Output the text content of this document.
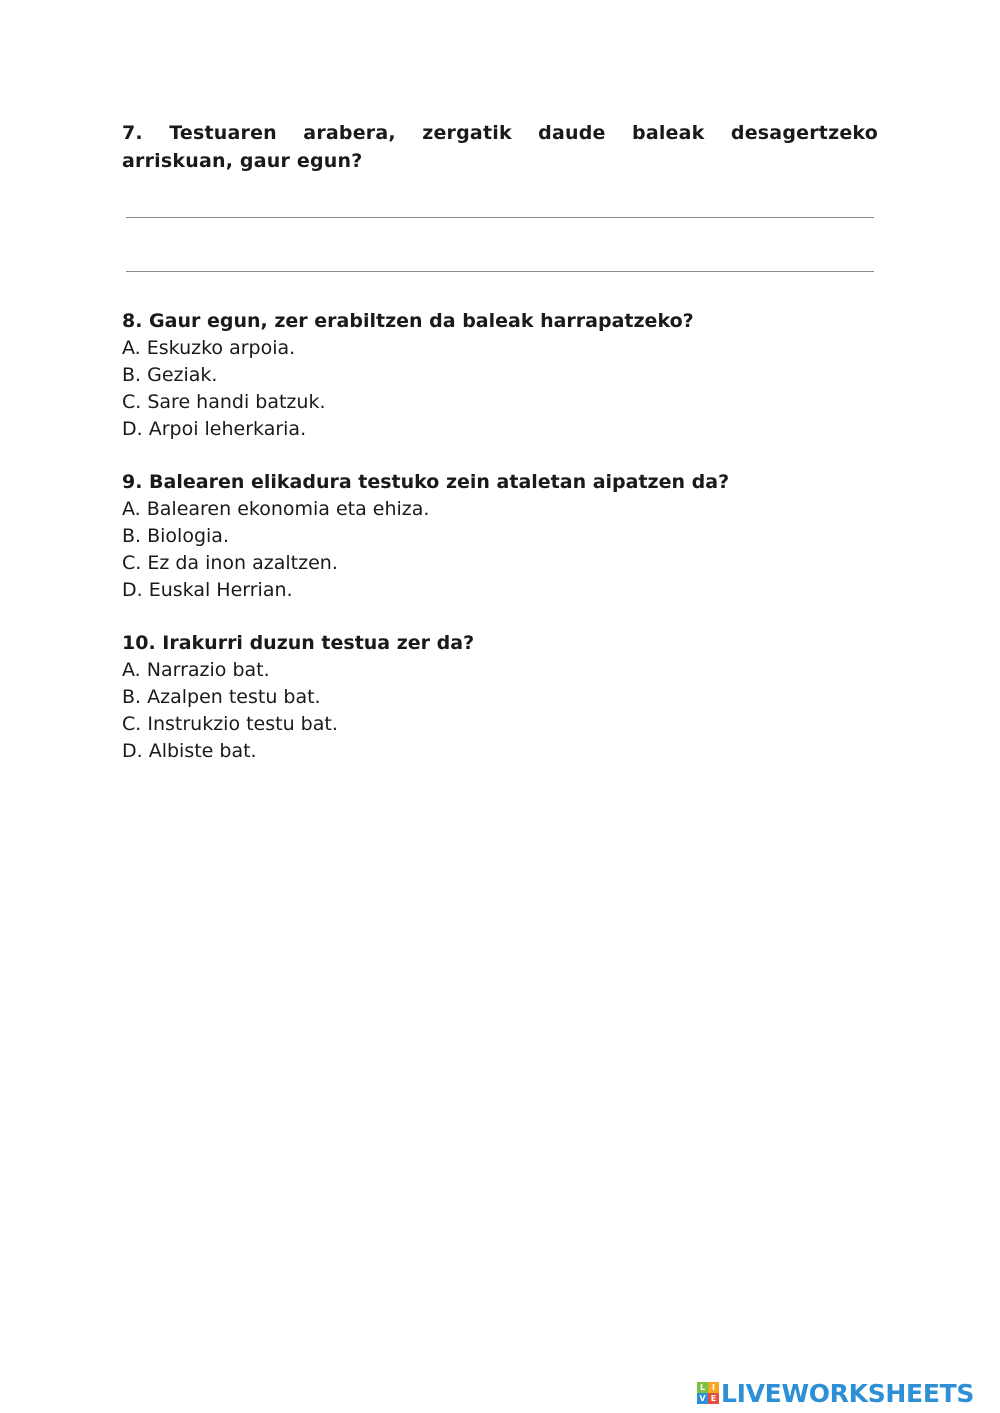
7. Testuaren arabera, zergatik daude baleak desagertzeko arriskuan, gaur egun?
8. Gaur egun, zer erabiltzen da baleak harrapatzeko?
A. Eskuzko arpoia.
B. Geziak.
C. Sare handi batzuk.
D. Arpoi leherkaria.
9. Balearen elikadura testuko zein ataletan aipatzen da?
A. Balearen ekonomia eta ehiza.
B. Biologia.
C. Ez da inon azaltzen.
D. Euskal Herrian.
10. Irakurri duzun testua zer da?
A. Narrazio bat.
B. Azalpen testu bat.
C. Instrukzio testu bat.
D. Albiste bat.
L I
V E LIVEWORKSHEETS
